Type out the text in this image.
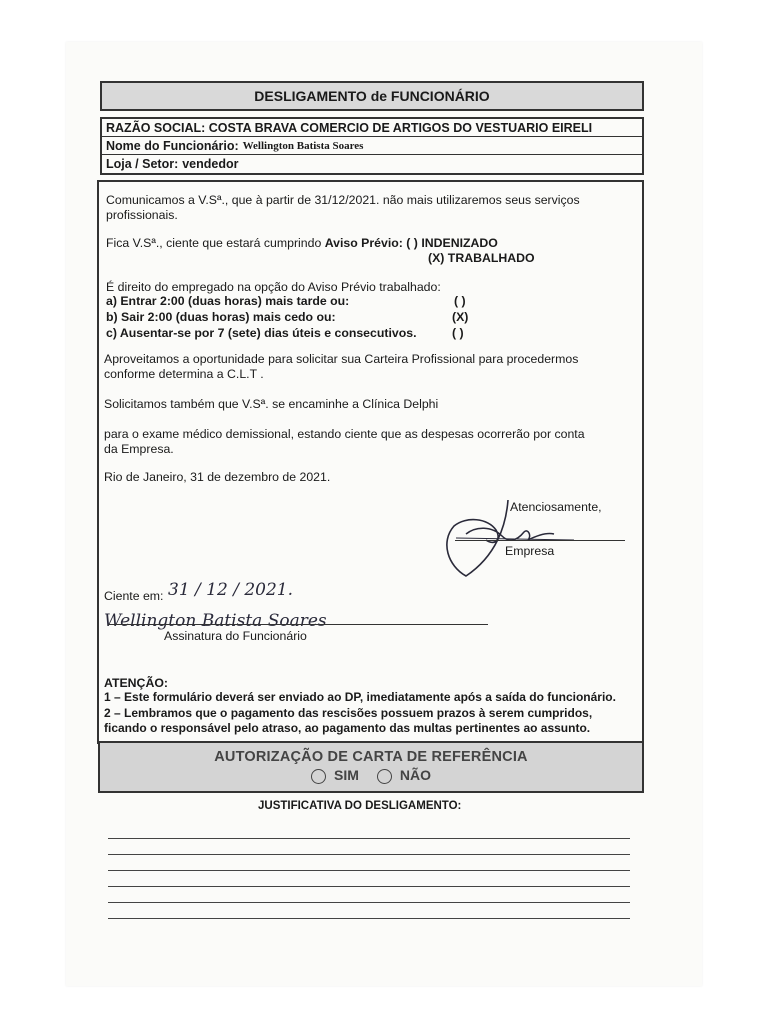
DESLIGAMENTO de FUNCIONÁRIO
RAZÃO SOCIAL: COSTA BRAVA COMERCIO DE ARTIGOS DO VESTUARIO EIRELI
Nome do Funcionário: Wellington Batista Soares
Loja / Setor: vendedor
Comunicamos a V.Sª., que à partir de 31/12/2021. não mais utilizaremos seus serviços
profissionais.
Fica V.Sª., ciente que estará cumprindo Aviso Prévio: ( ) INDENIZADO
(X) TRABALHADO
É direito do empregado na opção do Aviso Prévio trabalhado:
a) Entrar 2:00 (duas horas) mais tarde ou:	( )
b) Sair 2:00 (duas horas) mais cedo ou:	(X)
c) Ausentar-se por 7 (sete) dias úteis e consecutivos.	( )
Aproveitamos a oportunidade para solicitar sua Carteira Profissional para procedermos
conforme determina a C.L.T .
Solicitamos também que V.Sª. se encaminhe a Clínica Delphi
para o exame médico demissional, estando ciente que as despesas ocorrerão por conta
da Empresa.
Rio de Janeiro, 31 de dezembro de 2021.
Atenciosamente,
Empresa
Ciente em: 31 / 12 / 2021.
Wellington Batista Soares
Assinatura do Funcionário
ATENÇÃO:
1 – Este formulário deverá ser enviado ao DP, imediatamente após a saída do funcionário.
2 – Lembramos que o pagamento das rescisões possuem prazos à serem cumpridos,
ficando o responsável pelo atraso, ao pagamento das multas pertinentes ao assunto.
AUTORIZAÇÃO DE CARTA DE REFERÊNCIA
SIM	NÃO
JUSTIFICATIVA DO DESLIGAMENTO:
